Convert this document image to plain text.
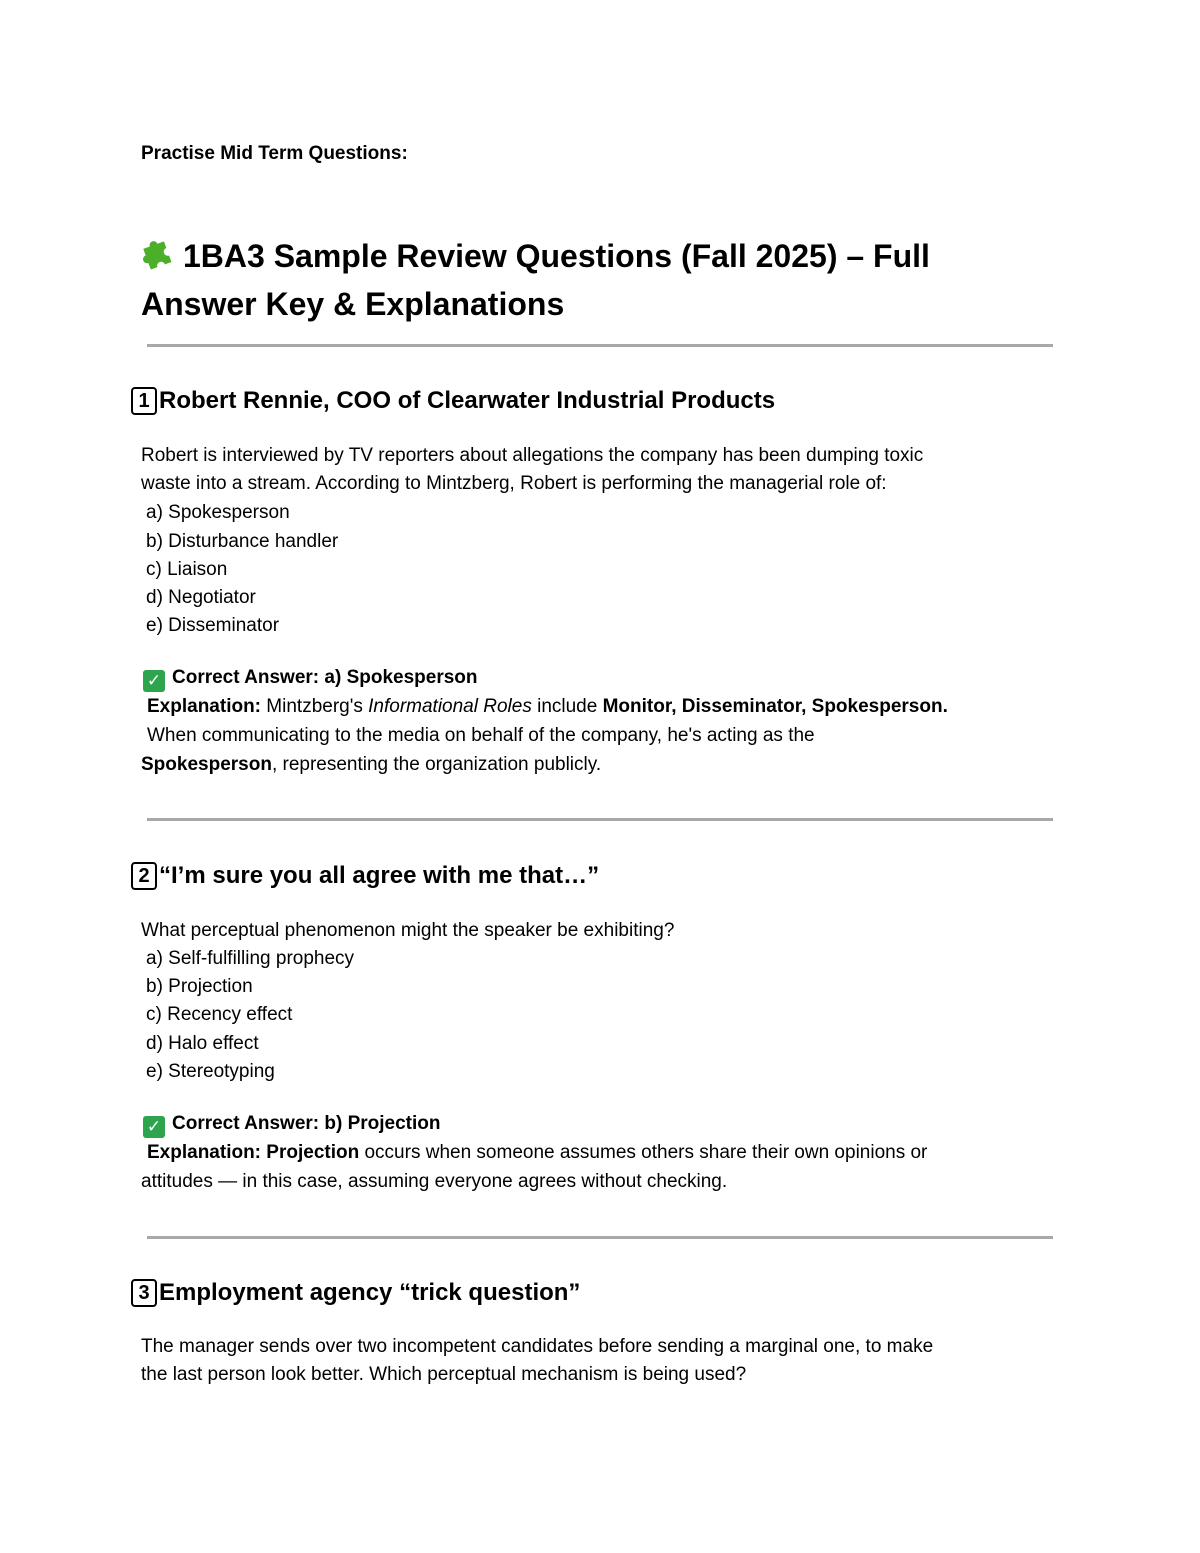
Practise Mid Term Questions:
1BA3 Sample Review Questions (Fall 2025) – Full
Answer Key & Explanations
1 Robert Rennie, COO of Clearwater Industrial Products
Robert is interviewed by TV reporters about allegations the company has been dumping toxic
waste into a stream. According to Mintzberg, Robert is performing the managerial role of:
a) Spokesperson
b) Disturbance handler
c) Liaison
d) Negotiator
e) Disseminator
✓ Correct Answer: a) Spokesperson
Explanation: Mintzberg's Informational Roles include Monitor, Disseminator, Spokesperson.
When communicating to the media on behalf of the company, he's acting as the
Spokesperson, representing the organization publicly.
2 “I’m sure you all agree with me that…”
What perceptual phenomenon might the speaker be exhibiting?
a) Self-fulfilling prophecy
b) Projection
c) Recency effect
d) Halo effect
e) Stereotyping
✓ Correct Answer: b) Projection
Explanation: Projection occurs when someone assumes others share their own opinions or
attitudes — in this case, assuming everyone agrees without checking.
3 Employment agency “trick question”
The manager sends over two incompetent candidates before sending a marginal one, to make
the last person look better. Which perceptual mechanism is being used?
